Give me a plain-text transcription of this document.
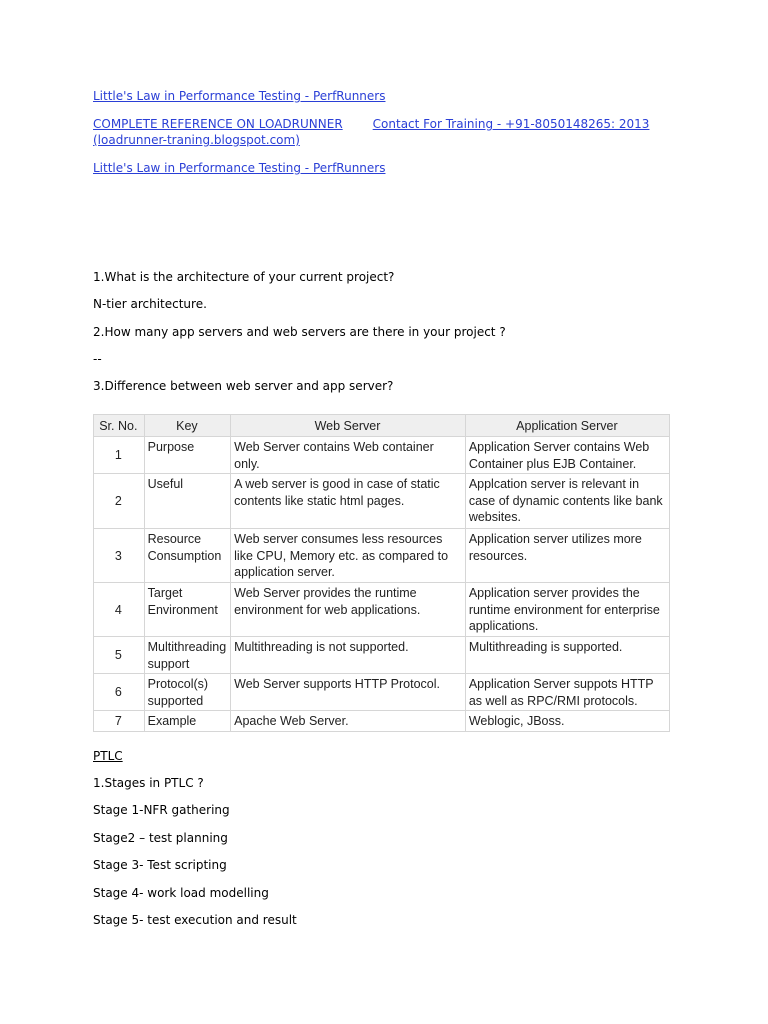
Little's Law in Performance Testing - PerfRunners
COMPLETE REFERENCE ON LOADRUNNER	Contact For Training - +91-8050148265: 2013
(loadrunner-traning.blogspot.com)
Little's Law in Performance Testing - PerfRunners
1.What is the architecture of your current project?
N-tier architecture.
2.How many app servers and web servers are there in your project ?
--
3.Difference between web server and app server?
Sr. No.	Key	Web Server	Application Server
1	Purpose	Web Server contains Web container only.	Application Server contains Web Container plus EJB Container.
2	Useful	A web server is good in case of static contents like static html pages.	Applcation server is relevant in case of dynamic contents like bank websites.
3	Resource Consumption	Web server consumes less resources like CPU, Memory etc. as compared to application server.	Application server utilizes more resources.
4	Target Environment	Web Server provides the runtime environment for web applications.	Application server provides the runtime environment for enterprise applications.
5	Multithreading support	Multithreading is not supported.	Multithreading is supported.
6	Protocol(s) supported	Web Server supports HTTP Protocol.	Application Server suppots HTTP as well as RPC/RMI protocols.
7	Example	Apache Web Server.	Weblogic, JBoss.
PTLC
1.Stages in PTLC ?
Stage 1-NFR gathering
Stage2 – test planning
Stage 3- Test scripting
Stage 4- work load modelling
Stage 5- test execution and result
